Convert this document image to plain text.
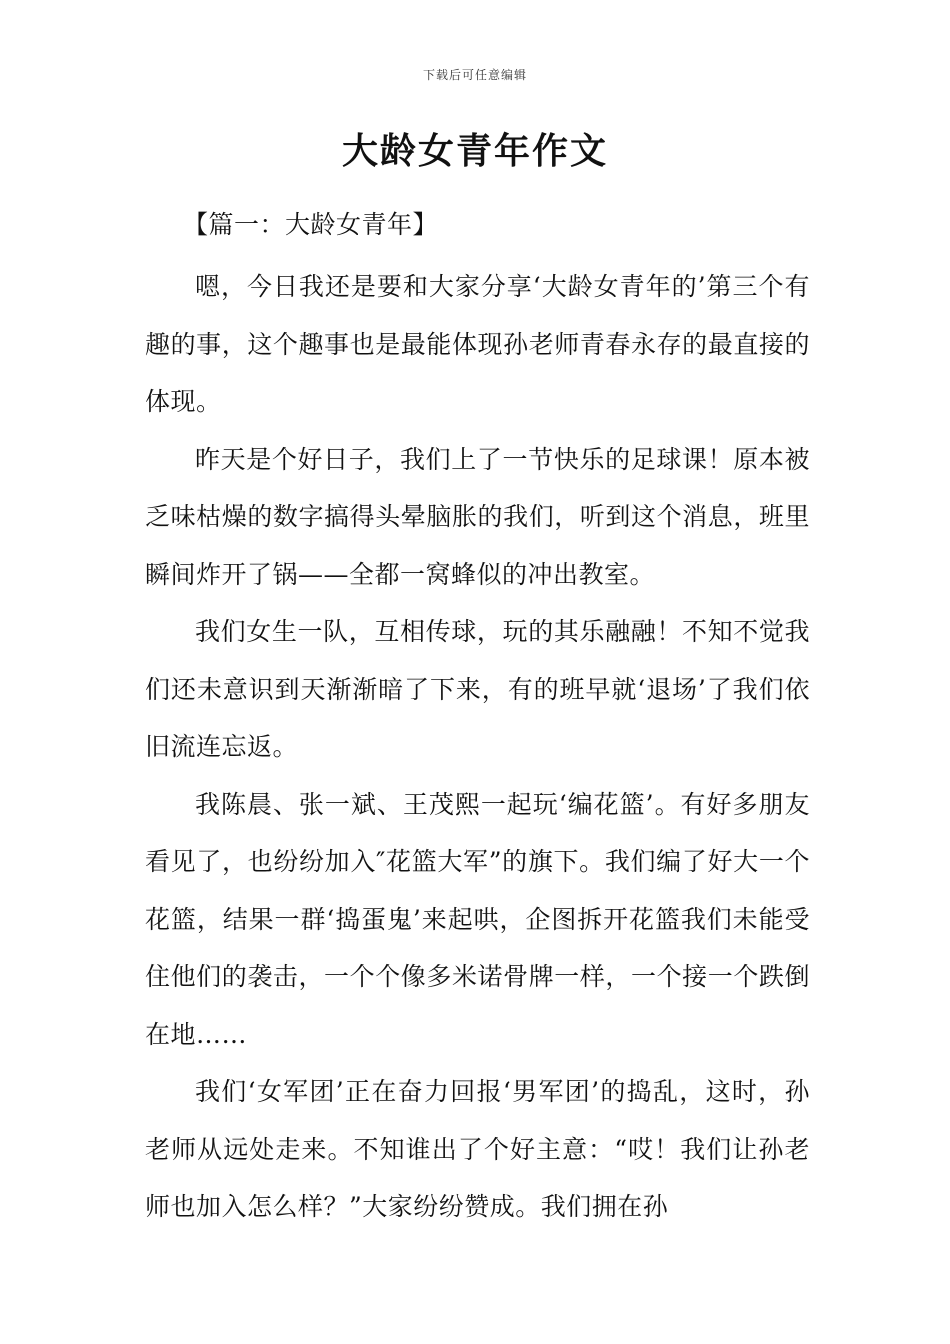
下载后可任意编辑
大龄女青年作文
【篇一：大龄女青年】

嗯，今日我还是要和大家分享‘大龄女青年的’第三个有趣的事，这个趣事也是最能体现孙老师青春永存的最直接的体现。

昨天是个好日子，我们上了一节快乐的足球课！原本被乏味枯燥的数字搞得头晕脑胀的我们，听到这个消息，班里瞬间炸开了锅——全都一窝蜂似的冲出教室。

我们女生一队，互相传球，玩的其乐融融！不知不觉我们还未意识到天渐渐暗了下来，有的班早就‘退场’了我们依旧流连忘返。

我陈晨、张一斌、王茂熙一起玩‘编花篮’。有好多朋友看见了，也纷纷加入″花篮大军”的旗下。我们编了好大一个花篮，结果一群‘捣蛋鬼’来起哄，企图拆开花篮我们未能受住他们的袭击，一个个像多米诺骨牌一样，一个接一个跌倒在地……

我们‘女军团’正在奋力回报‘男军团’的捣乱，这时，孙老师从远处走来。不知谁出了个好主意：“哎！我们让孙老师也加入怎么样？”大家纷纷赞成。我们拥在孙
